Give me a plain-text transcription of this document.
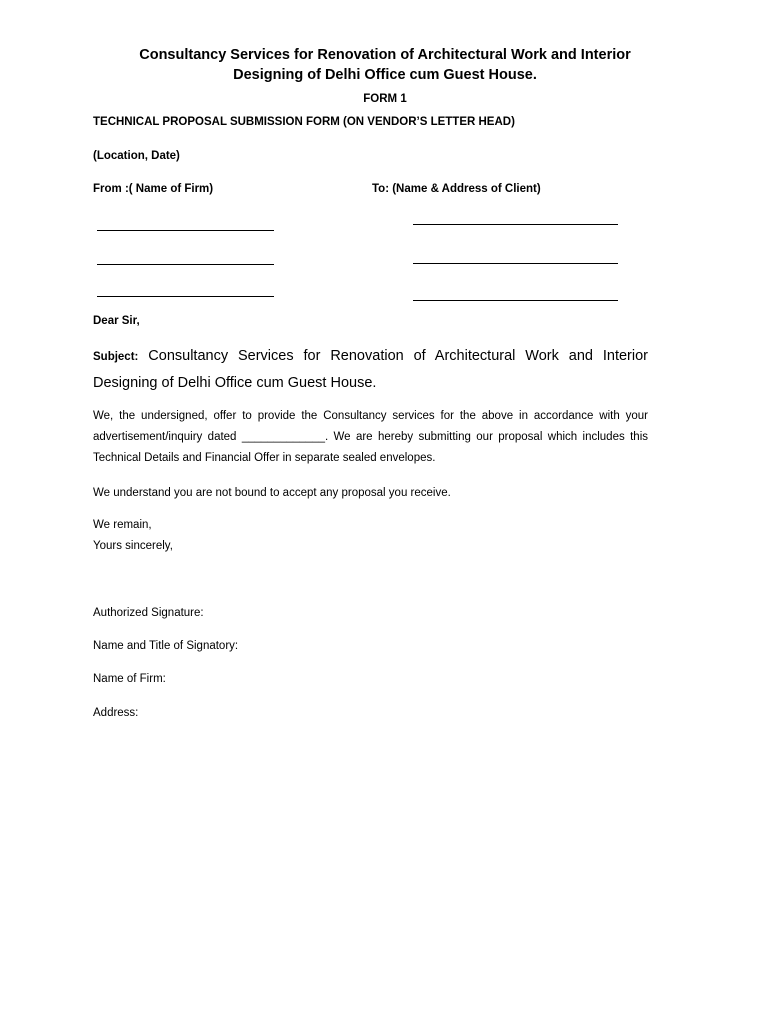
Consultancy Services for Renovation of Architectural Work and Interior

Designing of Delhi Office cum Guest House.

FORM 1

TECHNICAL PROPOSAL SUBMISSION FORM (ON VENDOR’S LETTER HEAD)

(Location, Date)

From :( Name of Firm)	To: (Name & Address of Client)

Dear Sir,

Subject: Consultancy Services for Renovation of Architectural Work and Interior Designing of Delhi Office cum Guest House.
We, the undersigned, offer to provide the Consultancy services for the above in accordance with your advertisement/inquiry dated _____________. We are hereby submitting our proposal which includes this Technical Details and Financial Offer in separate sealed envelopes.

We understand you are not bound to accept any proposal you receive.

We remain,

Yours sincerely,

Authorized Signature:

Name and Title of Signatory:

Name of Firm:

Address:
